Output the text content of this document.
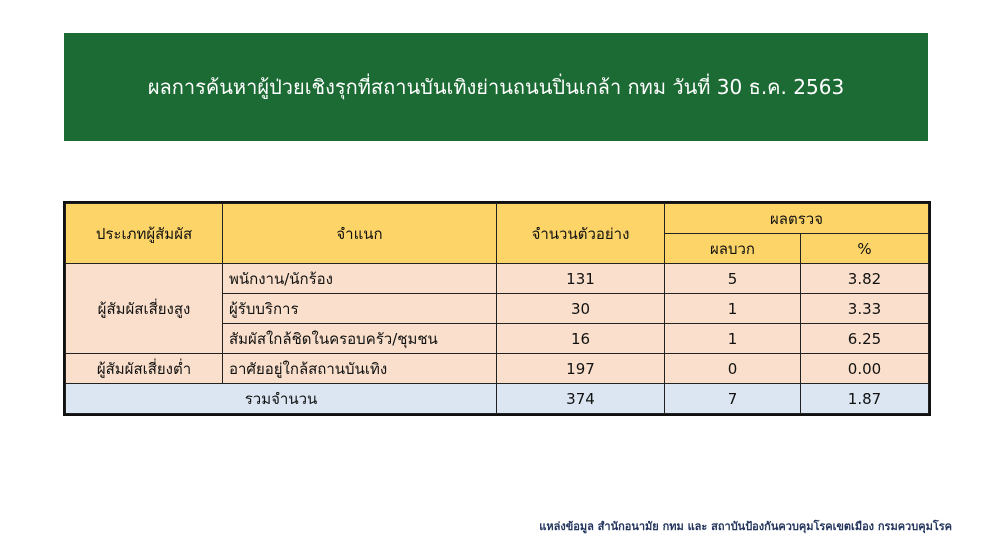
ผลการค้นหาผู้ป่วยเชิงรุกที่สถานบันเทิงย่านถนนปิ่นเกล้า กทม วันที่ 30 ธ.ค. 2563
ประเภทผู้สัมผัส	จำแนก	จำนวนตัวอย่าง	ผลตรวจ	
			ผลบวก	%
ผู้สัมผัสเสี่ยงสูง	พนักงาน/นักร้อง	131	5	3.82
	ผู้รับบริการ	30	1	3.33
	สัมผัสใกล้ชิดในครอบครัว/ชุมชน	16	1	6.25
ผู้สัมผัสเสี่ยงต่ำ	อาศัยอยู่ใกล้สถานบันเทิง	197	0	0.00
รวมจำนวน		374	7	1.87
แหล่งข้อมูล สำนักอนามัย กทม และ สถาบันป้องกันควบคุมโรคเขตเมือง กรมควบคุมโรค
